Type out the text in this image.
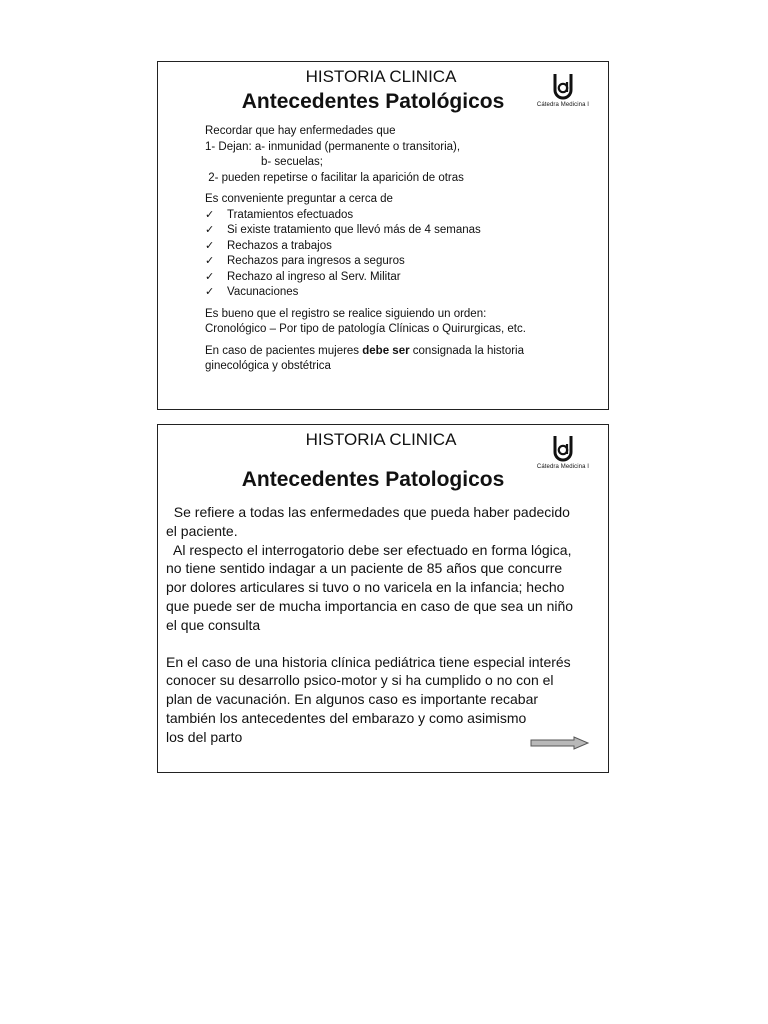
HISTORIA CLINICA
Antecedentes Patológicos	Cátedra Medicina I

Recordar que hay enfermedades que

1- Dejan: a- inmunidad (permanente o transitoria),

b- secuelas;

2- pueden repetirse o facilitar la aparición de otras

Es conveniente preguntar a cerca de

✓ Tratamientos efectuados
✓ Si existe tratamiento que llevó más de 4 semanas
✓ Rechazos a trabajos
✓ Rechazos para ingresos a seguros
✓ Rechazo al ingreso al Serv. Militar
✓ Vacunaciones

Es bueno que el registro se realice siguiendo un orden:

Cronológico – Por tipo de patología Clínicas o Quirurgicas, etc.

En caso de pacientes mujeres debe ser consignada la historia

ginecológica y obstétrica

HISTORIA CLINICA
Antecedentes Patologicos
Cátedra Medicina I

Se refiere a todas las enfermedades que pueda haber padecido

el paciente.

Al respecto el interrogatorio debe ser efectuado en forma lógica,

no tiene sentido indagar a un paciente de 85 años que concurre

por dolores articulares si tuvo o no varicela en la infancia; hecho

que puede ser de mucha importancia en caso de que sea un niño

el que consulta

En el caso de una historia clínica pediátrica tiene especial interés

conocer su desarrollo psico-motor y si ha cumplido o no con el

plan de vacunación. En algunos caso es importante recabar

también los antecedentes del embarazo y como asimismo

los del parto
